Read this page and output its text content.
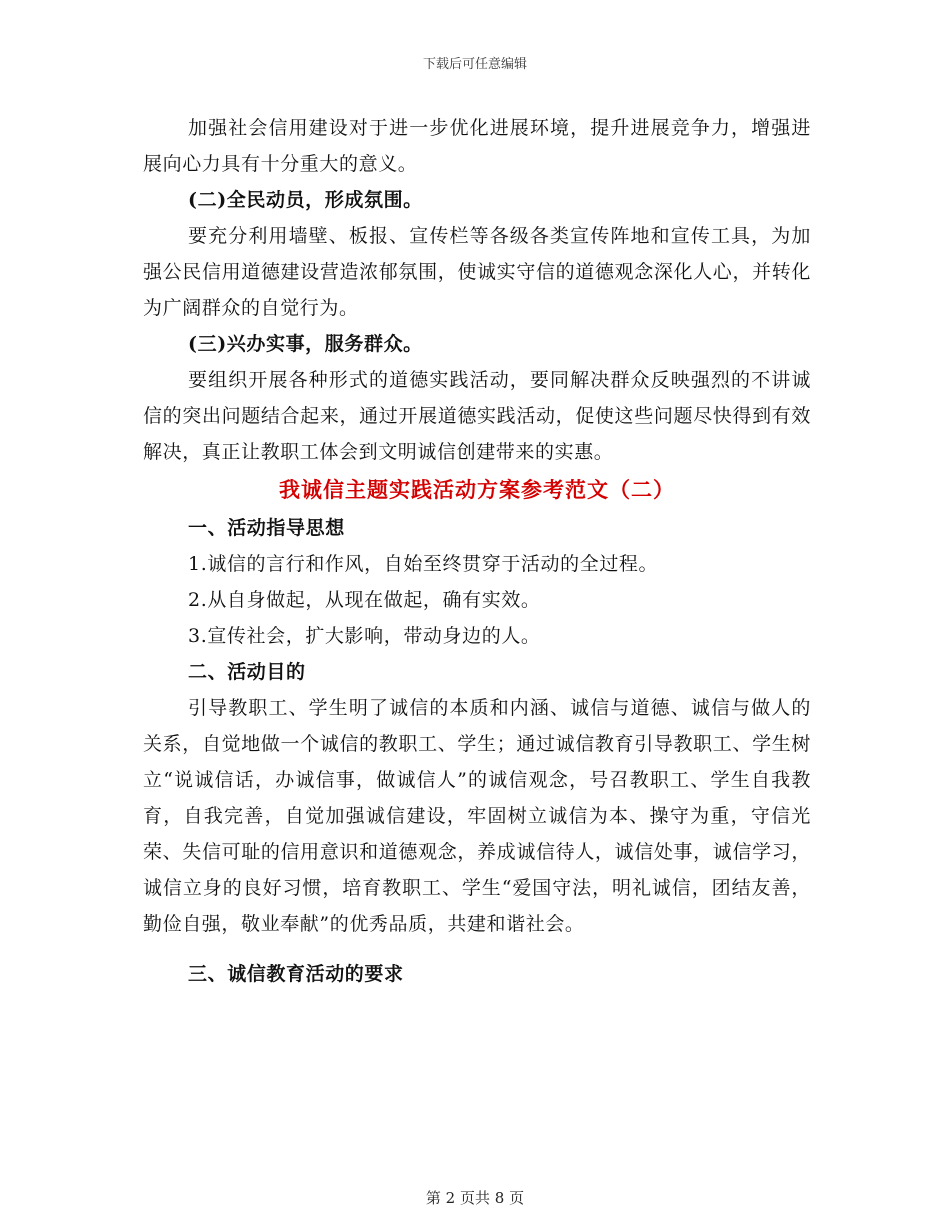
下载后可任意编辑

加强社会信用建设对于进一步优化进展环境，提升进展竞争力，增强进展向心力具有十分重大的意义。

(二)全民动员，形成氛围。

要充分利用墙壁、板报、宣传栏等各级各类宣传阵地和宣传工具，为加强公民信用道德建设营造浓郁氛围，使诚实守信的道德观念深化人心，并转化为广阔群众的自觉行为。

(三)兴办实事，服务群众。

要组织开展各种形式的道德实践活动，要同解决群众反映强烈的不讲诚信的突出问题结合起来，通过开展道德实践活动，促使这些问题尽快得到有效解决，真正让教职工体会到文明诚信创建带来的实惠。

我诚信主题实践活动方案参考范文（二）

一、活动指导思想

1.诚信的言行和作风，自始至终贯穿于活动的全过程。

2.从自身做起，从现在做起，确有实效。

3.宣传社会，扩大影响，带动身边的人。

二、活动目的

引导教职工、学生明了诚信的本质和内涵、诚信与道德、诚信与做人的关系，自觉地做一个诚信的教职工、学生；通过诚信教育引导教职工、学生树立“说诚信话，办诚信事，做诚信人”的诚信观念，号召教职工、学生自我教育，自我完善，自觉加强诚信建设，牢固树立诚信为本、操守为重，守信光荣、失信可耻的信用意识和道德观念，养成诚信待人，诚信处事，诚信学习，诚信立身的良好习惯，培育教职工、学生“爱国守法，明礼诚信，团结友善，勤俭自强，敬业奉献”的优秀品质，共建和谐社会。

三、诚信教育活动的要求

第 2 页共 8 页
